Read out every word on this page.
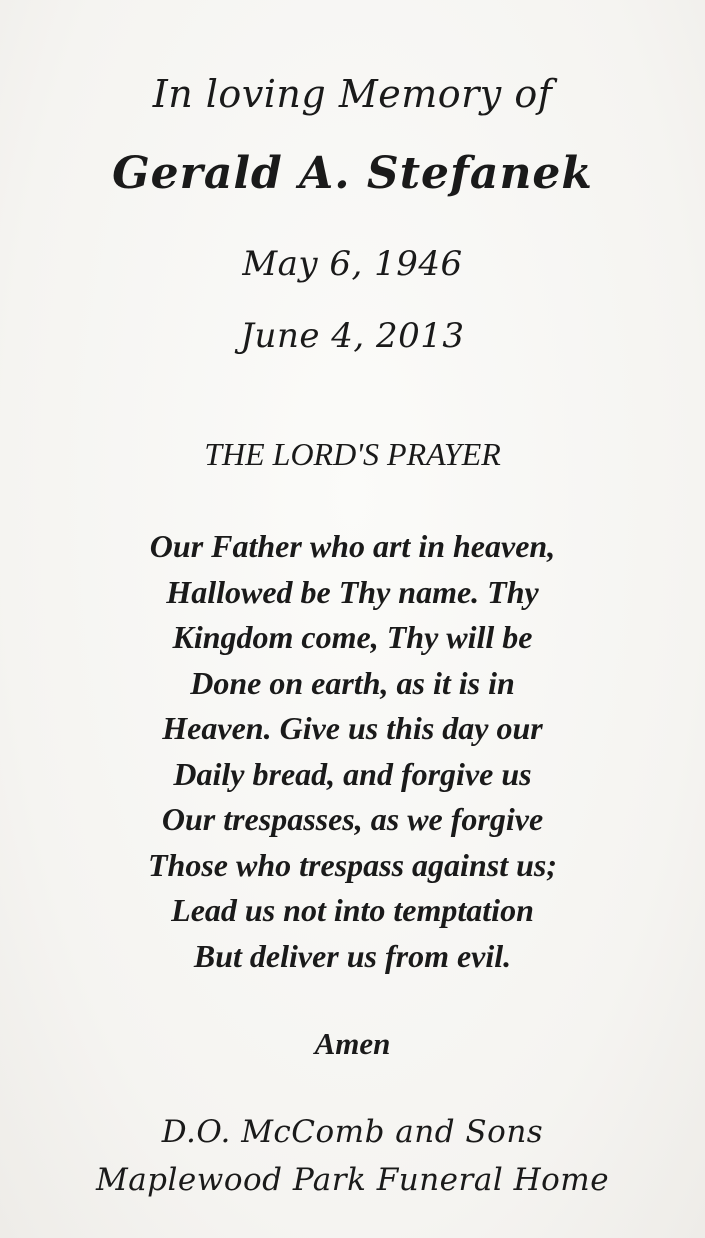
In loving Memory of
Gerald A. Stefanek
May 6, 1946
June 4, 2013
THE LORD'S PRAYER
Our Father who art in heaven,
Hallowed be Thy name. Thy
Kingdom come, Thy will be
Done on earth, as it is in
Heaven. Give us this day our
Daily bread, and forgive us
Our trespasses, as we forgive
Those who trespass against us;
Lead us not into temptation
But deliver us from evil.
Amen
D.O. McComb and Sons
Maplewood Park Funeral Home
